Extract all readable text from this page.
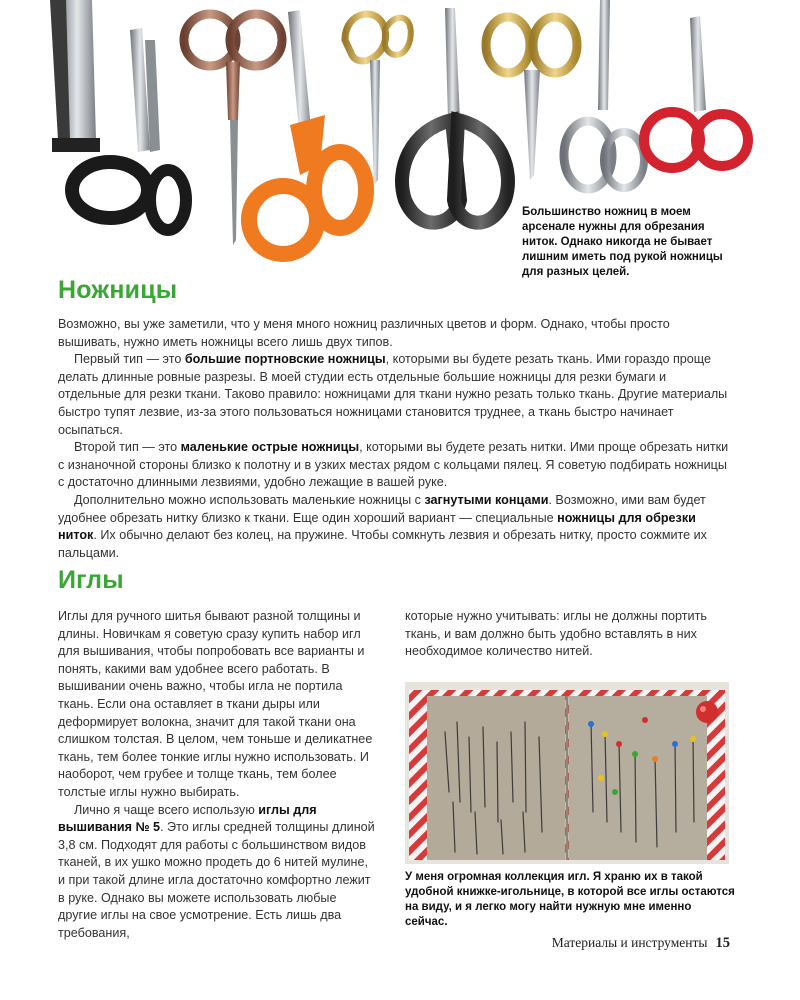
Большинство ножниц в моем арсенале нужны для обрезания ниток. Однако никогда не бывает лишним иметь под рукой ножницы для разных целей.
Ножницы

Возможно, вы уже заметили, что у меня много ножниц различных цветов и форм. Однако, чтобы просто вышивать, нужно иметь ножницы всего лишь двух типов.

Первый тип — это большие портновские ножницы, которыми вы будете резать ткань. Ими гораздо проще делать длинные ровные разрезы. В моей студии есть отдельные большие ножницы для резки бумаги и отдельные для резки ткани. Таково правило: ножницами для ткани нужно резать только ткань. Другие материалы быстро тупят лезвие, из-за этого пользоваться ножницами становится труднее, а ткань быстро начинает осыпаться.

Второй тип — это маленькие острые ножницы, которыми вы будете резать нитки. Ими проще обрезать нитки с изнаночной стороны близко к полотну и в узких местах рядом с кольцами пялец. Я советую подбирать ножницы с достаточно длинными лезвиями, удобно лежащие в вашей руке.

Дополнительно можно использовать маленькие ножницы с загнутыми концами. Возможно, ими вам будет удобнее обрезать нитку близко к ткани. Еще один хороший вариант — специальные ножницы для обрезки ниток. Их обычно делают без колец, на пружине. Чтобы сомкнуть лезвия и обрезать нитку, просто сожмите их пальцами.

Иглы

Иглы для ручного шитья бывают разной толщины и длины. Новичкам я советую сразу купить набор игл для вышивания, чтобы попробовать все варианты и понять, какими вам удобнее всего работать. В вышивании очень важно, чтобы игла не портила ткань. Если она оставляет в ткани дыры или деформирует волокна, значит для такой ткани она слишком толстая. В целом, чем тоньше и деликатнее ткань, тем более тонкие иглы нужно использовать. И наоборот, чем грубее и толще ткань, тем более толстые иглы нужно выбирать.

Лично я чаще всего использую иглы для вышивания № 5. Это иглы средней толщины длиной 3,8 см. Подходят для работы с большинством видов тканей, в их ушко можно продеть до 6 нитей мулине, и при такой длине игла достаточно комфортно лежит в руке. Однако вы можете использовать любые другие иглы на свое усмотрение. Есть лишь два требования,

которые нужно учитывать: иглы не должны портить ткань, и вам должно быть удобно вставлять в них необходимое количество нитей.

У меня огромная коллекция игл. Я храню их в такой удобной книжке-игольнице, в которой все иглы остаются на виду, и я легко могу найти нужную мне именно сейчас.
Материалы и инструменты 15
